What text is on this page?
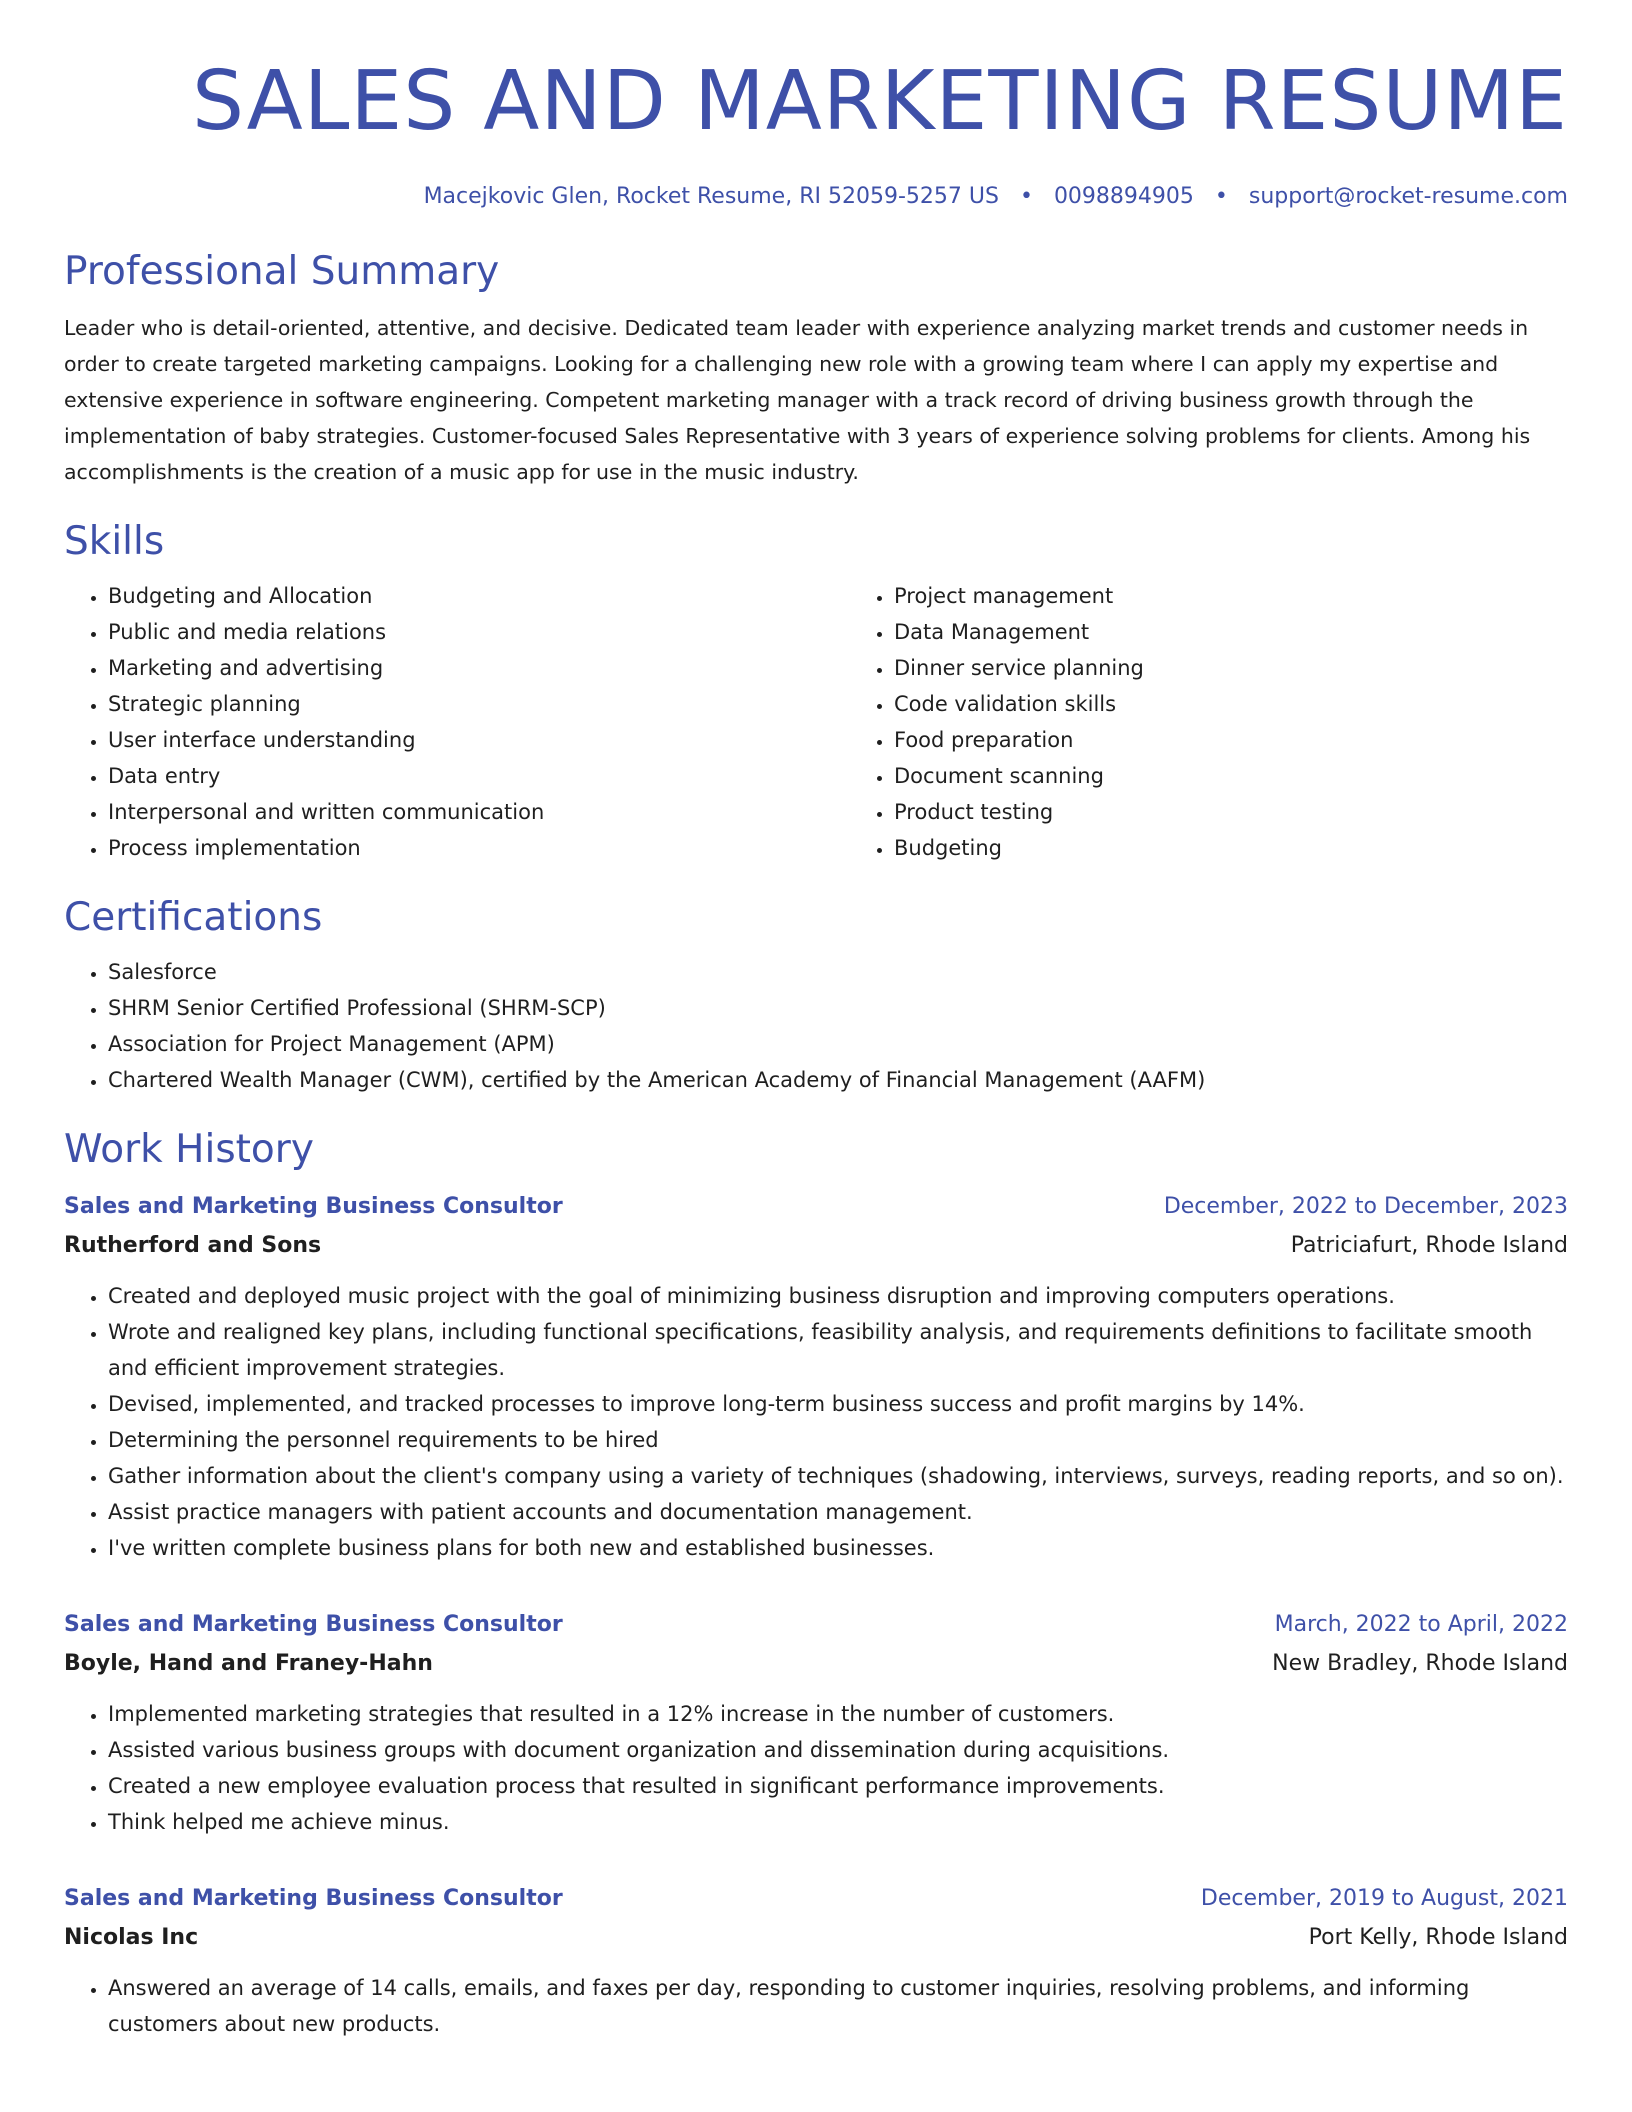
SALES AND MARKETING RESUME
Macejkovic Glen, Rocket Resume, RI 52059-5257 US • 0098894905 • support@rocket-resume.com
Professional Summary

Leader who is detail-oriented, attentive, and decisive. Dedicated team leader with experience analyzing market trends and customer needs in order to create targeted marketing campaigns. Looking for a challenging new role with a growing team where I can apply my expertise and extensive experience in software engineering. Competent marketing manager with a track record of driving business growth through the implementation of baby strategies. Customer-focused Sales Representative with 3 years of experience solving problems for clients. Among his accomplishments is the creation of a music app for use in the music industry.

Skills
• Budgeting and Allocation
• Public and media relations
• Marketing and advertising
• Strategic planning
• User interface understanding
• Data entry
• Interpersonal and written communication
• Process implementation
• Project management
• Data Management
• Dinner service planning
• Code validation skills
• Food preparation
• Document scanning
• Product testing
• Budgeting
Certifications
• Salesforce
• SHRM Senior Certified Professional (SHRM-SCP)
• Association for Project Management (APM)
• Chartered Wealth Manager (CWM), certified by the American Academy of Financial Management (AAFM)
Work History
Sales and Marketing Business Consultor	December, 2022 to December, 2023
Rutherford and Sons	Patriciafurt, Rhode Island
• Created and deployed music project with the goal of minimizing business disruption and improving computers operations.
• Wrote and realigned key plans, including functional specifications, feasibility analysis, and requirements definitions to facilitate smooth and efficient improvement strategies.
• Devised, implemented, and tracked processes to improve long-term business success and profit margins by 14%.
• Determining the personnel requirements to be hired
• Gather information about the client's company using a variety of techniques (shadowing, interviews, surveys, reading reports, and so on).
• Assist practice managers with patient accounts and documentation management.
• I've written complete business plans for both new and established businesses.
Sales and Marketing Business Consultor	March, 2022 to April, 2022
Boyle, Hand and Franey-Hahn	New Bradley, Rhode Island
• Implemented marketing strategies that resulted in a 12% increase in the number of customers.
• Assisted various business groups with document organization and dissemination during acquisitions.
• Created a new employee evaluation process that resulted in significant performance improvements.
• Think helped me achieve minus.
Sales and Marketing Business Consultor	December, 2019 to August, 2021
Nicolas Inc	Port Kelly, Rhode Island
• Answered an average of 14 calls, emails, and faxes per day, responding to customer inquiries, resolving problems, and informing customers about new products.
